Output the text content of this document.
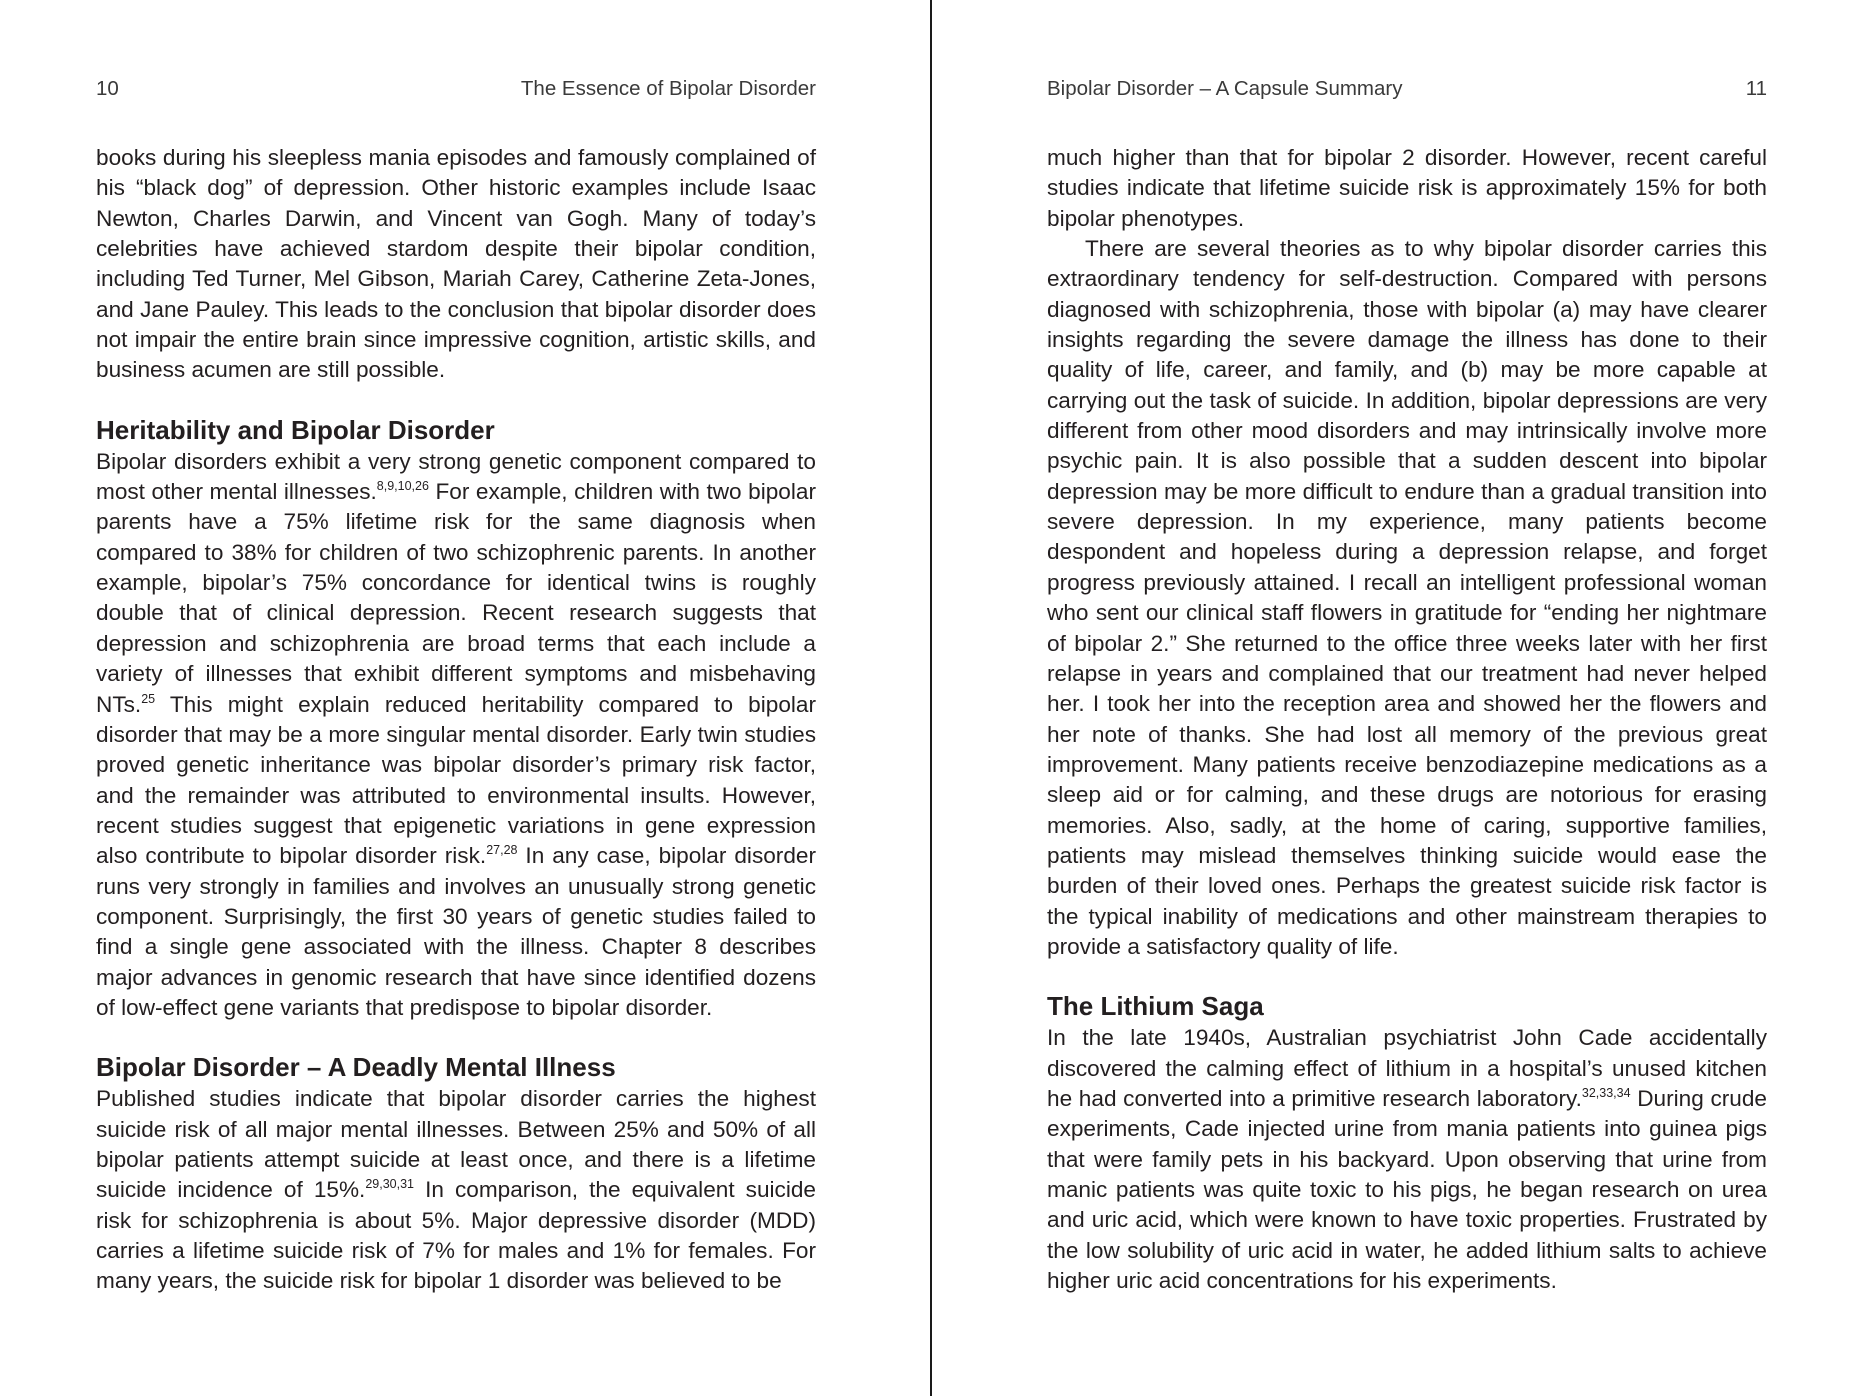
10	The Essence of Bipolar Disorder

books during his sleepless mania episodes and famously complained of his “black dog” of depression. Other historic examples include Isaac Newton, Charles Darwin, and Vincent van Gogh. Many of today’s celebrities have achieved stardom despite their bipolar condition, including Ted Turner, Mel Gibson, Mariah Carey, Catherine Zeta-Jones, and Jane Pauley. This leads to the conclusion that bipolar disorder does not impair the entire brain since impressive cognition, artistic skills, and business acumen are still possible.

Heritability and Bipolar Disorder

Bipolar disorders exhibit a very strong genetic component compared to most other mental illnesses.$^{8,9,10,26}$ For example, children with two bipolar parents have a 75% lifetime risk for the same diagnosis when compared to 38% for children of two schizophrenic parents. In another example, bipolar’s 75% concordance for identical twins is roughly double that of clinical depression. Recent research suggests that depression and schizophrenia are broad terms that each include a variety of illnesses that exhibit different symptoms and misbehaving NTs.$^{25}$ This might explain reduced heritability compared to bipolar disorder that may be a more singular mental disorder. Early twin studies proved genetic inheritance was bipolar disorder’s primary risk factor, and the remainder was attributed to environmental insults. However, recent studies suggest that epigenetic variations in gene expression also contribute to bipolar disorder risk.$^{27,28}$ In any case, bipolar disorder runs very strongly in families and involves an unusually strong genetic component. Surprisingly, the first 30 years of genetic studies failed to find a single gene associated with the illness. Chapter 8 describes major advances in genomic research that have since identified dozens of low-effect gene variants that predispose to bipolar disorder.

Bipolar Disorder – A Deadly Mental Illness

Published studies indicate that bipolar disorder carries the highest suicide risk of all major mental illnesses. Between 25% and 50% of all bipolar patients attempt suicide at least once, and there is a lifetime suicide incidence of 15%.$^{29,30,31}$ In comparison, the equivalent suicide risk for schizophrenia is about 5%. Major depressive disorder (MDD) carries a lifetime suicide risk of 7% for males and 1% for females. For many years, the suicide risk for bipolar 1 disorder was believed to be

Bipolar Disorder – A Capsule Summary	11

much higher than that for bipolar 2 disorder. However, recent careful studies indicate that lifetime suicide risk is approximately 15% for both bipolar phenotypes.

There are several theories as to why bipolar disorder carries this extraordinary tendency for self-destruction. Compared with persons diagnosed with schizophrenia, those with bipolar (a) may have clearer insights regarding the severe damage the illness has done to their quality of life, career, and family, and (b) may be more capable at carrying out the task of suicide. In addition, bipolar depressions are very different from other mood disorders and may intrinsically involve more psychic pain. It is also possible that a sudden descent into bipolar depression may be more difficult to endure than a gradual transition into severe depression. In my experience, many patients become despondent and hopeless during a depression relapse, and forget progress previously attained. I recall an intelligent professional woman who sent our clinical staff flowers in gratitude for “ending her nightmare of bipolar 2.” She returned to the office three weeks later with her first relapse in years and complained that our treatment had never helped her. I took her into the reception area and showed her the flowers and her note of thanks. She had lost all memory of the previous great improvement. Many patients receive benzodiazepine medications as a sleep aid or for calming, and these drugs are notorious for erasing memories. Also, sadly, at the home of caring, supportive families, patients may mislead themselves thinking suicide would ease the burden of their loved ones. Perhaps the greatest suicide risk factor is the typical inability of medications and other mainstream therapies to provide a satisfactory quality of life.

The Lithium Saga

In the late 1940s, Australian psychiatrist John Cade accidentally discovered the calming effect of lithium in a hospital’s unused kitchen he had converted into a primitive research laboratory.$^{32,33,34}$ During crude experiments, Cade injected urine from mania patients into guinea pigs that were family pets in his backyard. Upon observing that urine from manic patients was quite toxic to his pigs, he began research on urea and uric acid, which were known to have toxic properties. Frustrated by the low solubility of uric acid in water, he added lithium salts to achieve higher uric acid concentrations for his experiments.
